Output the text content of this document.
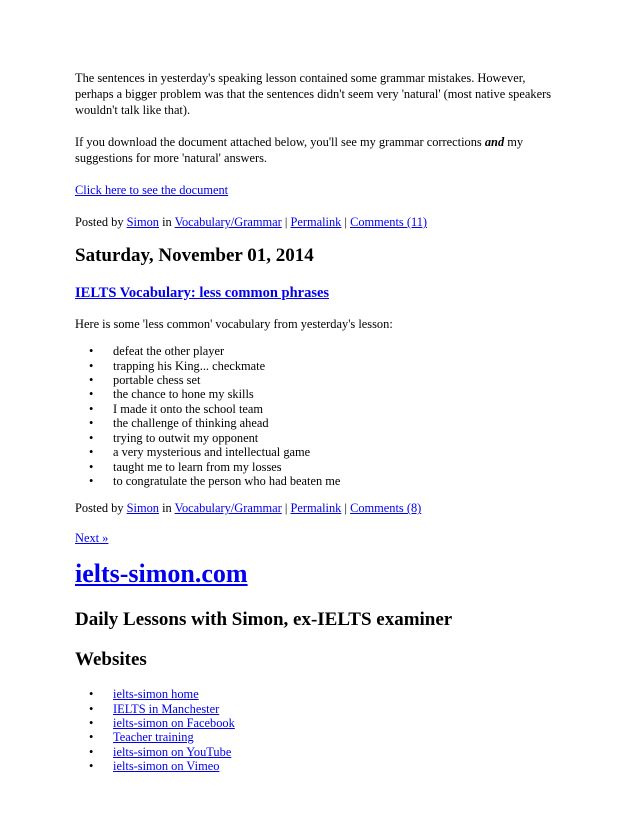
The sentences in yesterday's speaking lesson contained some grammar mistakes. However, perhaps a bigger problem was that the sentences didn't seem very 'natural' (most native speakers wouldn't talk like that).

If you download the document attached below, you'll see my grammar corrections and my suggestions for more 'natural' answers.

Click here to see the document

Posted by Simon in Vocabulary/Grammar | Permalink | Comments (11)

Saturday, November 01, 2014
IELTS Vocabulary: less common phrases

Here is some 'less common' vocabulary from yesterday's lesson:

• defeat the other player
• trapping his King... checkmate
• portable chess set
• the chance to hone my skills
• I made it onto the school team
• the challenge of thinking ahead
• trying to outwit my opponent
• a very mysterious and intellectual game
• taught me to learn from my losses
• to congratulate the person who had beaten me

Posted by Simon in Vocabulary/Grammar | Permalink | Comments (8)

Next »

ielts-simon.com
Daily Lessons with Simon, ex-IELTS examiner
Websites
• ielts-simon home
• IELTS in Manchester
• ielts-simon on Facebook
• Teacher training
• ielts-simon on YouTube
• ielts-simon on Vimeo
